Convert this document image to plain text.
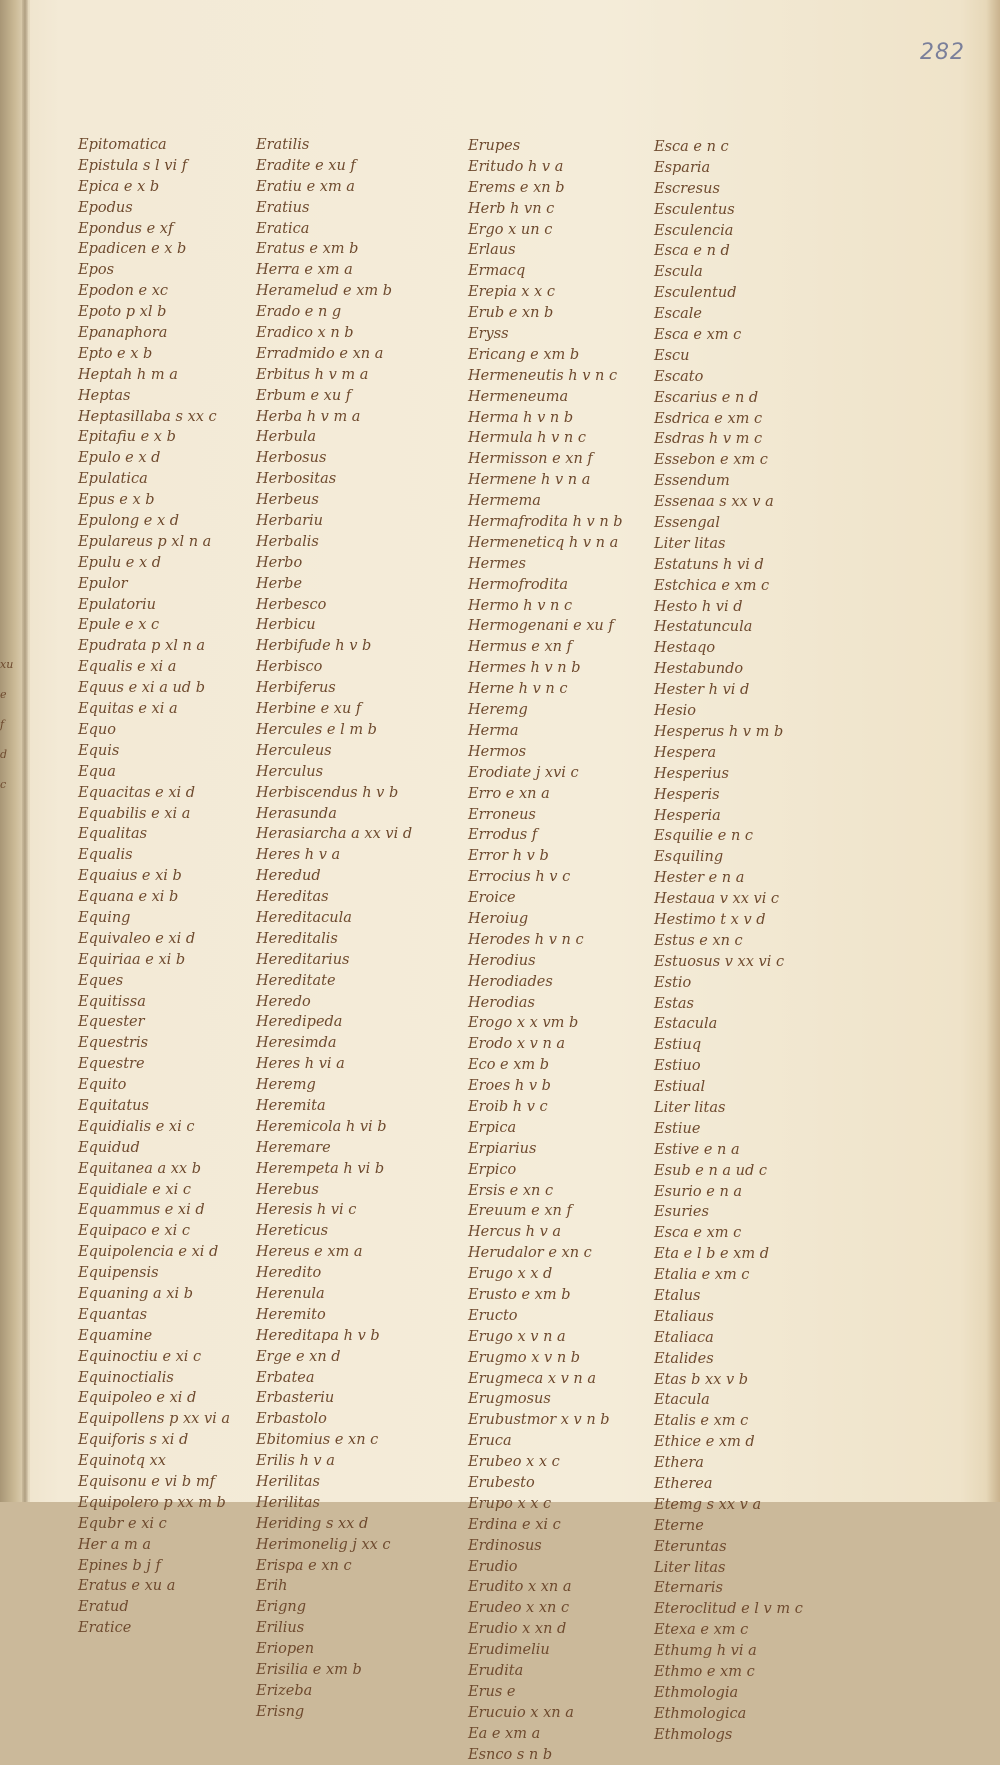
282
xu
e
f
d
c
Epitomatica
Epistula s l vi f
Epica e x b
Epodus
Epondus e xf
Epadicen e x b
Epos
Epodon e xc
Epoto p xl b
Epanaphora
Epto e x b
Heptah h m a
Heptas
Heptasillaba s xx c
Epitafiu e x b
Epulo e x d
Epulatica
Epus e x b
Epulong e x d
Epulareus p xl n a
Epulu e x d
Epulor
Epulatoriu
Epule e x c
Epudrata p xl n a
Equalis e xi a
Equus e xi a ud b
Equitas e xi a
Equo
Equis
Equa
Equacitas e xi d
Equabilis e xi a
Equalitas
Equalis
Equaius e xi b
Equana e xi b
Equing
Equivaleo e xi d
Equiriaa e xi b
Eques
Equitissa
Equester
Equestris
Equestre
Equito
Equitatus
Equidialis e xi c
Equidud
Equitanea a xx b
Equidiale e xi c
Equammus e xi d
Equipaco e xi c
Equipolencia e xi d
Equipensis
Equaning a xi b
Equantas
Equamine
Equinoctiu e xi c
Equinoctialis
Equipoleo e xi d
Equipollens p xx vi a
Equiforis s xi d
Equinotq xx
Equisonu e vi b mf
Equipolero p xx m b
Equbr e xi c
Her a m a
Epines b j f
Eratus e xu a
Eratud
Eratice
Eratilis
Eradite e xu f
Eratiu e xm a
Eratius
Eratica
Eratus e xm b
Herra e xm a
Heramelud e xm b
Erado e n g
Eradico x n b
Erradmido e xn a
Erbitus h v m a
Erbum e xu f
Herba h v m a
Herbula
Herbosus
Herbositas
Herbeus
Herbariu
Herbalis
Herbo
Herbe
Herbesco
Herbicu
Herbifude h v b
Herbisco
Herbiferus
Herbine e xu f
Hercules e l m b
Herculeus
Herculus
Herbiscendus h v b
Herasunda
Herasiarcha a xx vi d
Heres h v a
Heredud
Hereditas
Hereditacula
Hereditalis
Hereditarius
Hereditate
Heredo
Heredipeda
Heresimda
Heres h vi a
Heremg
Heremita
Heremicola h vi b
Heremare
Herempeta h vi b
Herebus
Heresis h vi c
Hereticus
Hereus e xm a
Heredito
Herenula
Heremito
Hereditapa h v b
Erge e xn d
Erbatea
Erbasteriu
Erbastolo
Ebitomius e xn c
Erilis h v a
Herilitas
Herilitas
Heriding s xx d
Herimonelig j xx c
Erispa e xn c
Erih
Erigng
Erilius
Eriopen
Erisilia e xm b
Erizeba
Erisng
Erupes
Eritudo h v a
Erems e xn b
Herb h vn c
Ergo x un c
Erlaus
Ermacq
Erepia x x c
Erub e xn b
Eryss
Ericang e xm b
Hermeneutis h v n c
Hermeneuma
Herma h v n b
Hermula h v n c
Hermisson e xn f
Hermene h v n a
Hermema
Hermafrodita h v n b
Hermeneticq h v n a
Hermes
Hermofrodita
Hermo h v n c
Hermogenani e xu f
Hermus e xn f
Hermes h v n b
Herne h v n c
Heremg
Herma
Hermos
Erodiate j xvi c
Erro e xn a
Erroneus
Errodus f
Error h v b
Errocius h v c
Eroice
Heroiug
Herodes h v n c
Herodius
Herodiades
Herodias
Erogo x x vm b
Erodo x v n a
Eco e xm b
Eroes h v b
Eroib h v c
Erpica
Erpiarius
Erpico
Ersis e xn c
Ereuum e xn f
Hercus h v a
Herudalor e xn c
Erugo x x d
Erusto e xm b
Eructo
Erugo x v n a
Erugmo x v n b
Erugmeca x v n a
Erugmosus
Erubustmor x v n b
Eruca
Erubeo x x c
Erubesto
Erupo x x c
Erdina e xi c
Erdinosus
Erudio
Erudito x xn a
Erudeo x xn c
Erudio x xn d
Erudimeliu
Erudita
Erus e
Erucuio x xn a
Ea e xm a
Esnco s n b
Esca e n c
Esparia
Escresus
Esculentus
Esculencia
Esca e n d
Escula
Esculentud
Escale
Esca e xm c
Escu
Escato
Escarius e n d
Esdrica e xm c
Esdras h v m c
Essebon e xm c
Essendum
Essenaa s xx v a
Essengal
Liter litas
Estatuns h vi d
Estchica e xm c
Hesto h vi d
Hestatuncula
Hestaqo
Hestabundo
Hester h vi d
Hesio
Hesperus h v m b
Hespera
Hesperius
Hesperis
Hesperia
Esquilie e n c
Esquiling
Hester e n a
Hestaua v xx vi c
Hestimo t x v d
Estus e xn c
Estuosus v xx vi c
Estio
Estas
Estacula
Estiuq
Estiuo
Estiual
Liter litas
Estiue
Estive e n a
Esub e n a ud c
Esurio e n a
Esuries
Esca e xm c
Eta e l b e xm d
Etalia e xm c
Etalus
Etaliaus
Etaliaca
Etalides
Etas b xx v b
Etacula
Etalis e xm c
Ethice e xm d
Ethera
Etherea
Etemg s xx v a
Eterne
Eteruntas
Liter litas
Eternaris
Eteroclitud e l v m c
Etexa e xm c
Ethumg h vi a
Ethmo e xm c
Ethmologia
Ethmologica
Ethmologs
